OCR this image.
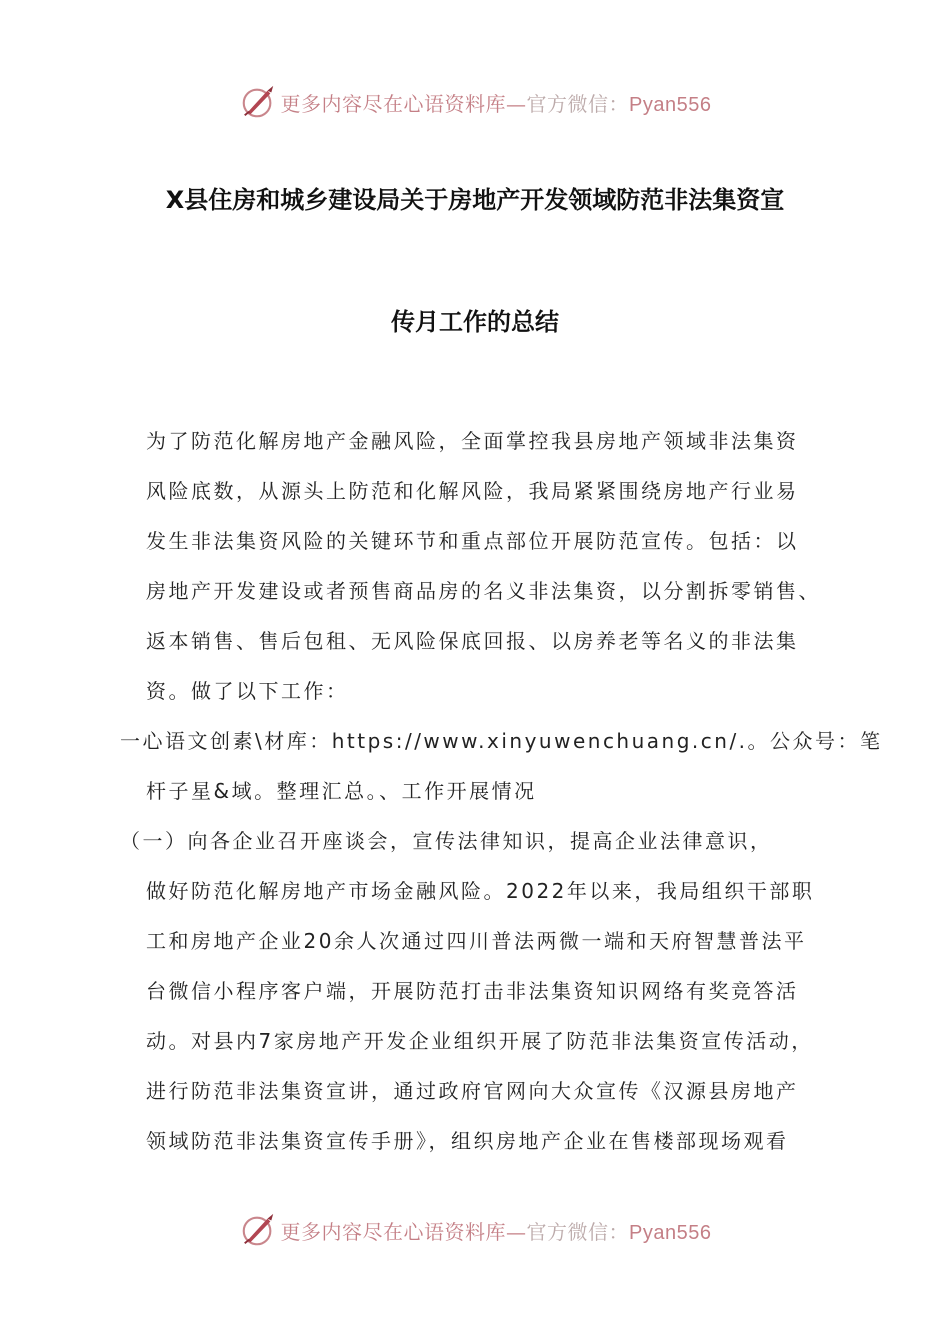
更多内容尽在心语资料库—官方微信：Pyan556
X县住房和城乡建设局关于房地产开发领域防范非法集资宣
传月工作的总结
为了防范化解房地产金融风险，全面掌控我县房地产领域非法集资
风险底数，从源头上防范和化解风险，我局紧紧围绕房地产行业易
发生非法集资风险的关键环节和重点部位开展防范宣传。包括：以
房地产开发建设或者预售商品房的名义非法集资，以分割拆零销售、
返本销售、售后包租、无风险保底回报、以房养老等名义的非法集
资。做了以下工作：
一心语文创素\材库：https://www.xinyuwenchuang.cn/.。公众号：笔
杆子星&域。整理汇总。、工作开展情况
（一）向各企业召开座谈会，宣传法律知识，提高企业法律意识，
做好防范化解房地产市场金融风险。2022年以来，我局组织干部职
工和房地产企业20余人次通过四川普法两微一端和天府智慧普法平
台微信小程序客户端，开展防范打击非法集资知识网络有奖竞答活
动。对县内7家房地产开发企业组织开展了防范非法集资宣传活动，
进行防范非法集资宣讲，通过政府官网向大众宣传《汉源县房地产
领域防范非法集资宣传手册》，组织房地产企业在售楼部现场观看
更多内容尽在心语资料库—官方微信：Pyan556
